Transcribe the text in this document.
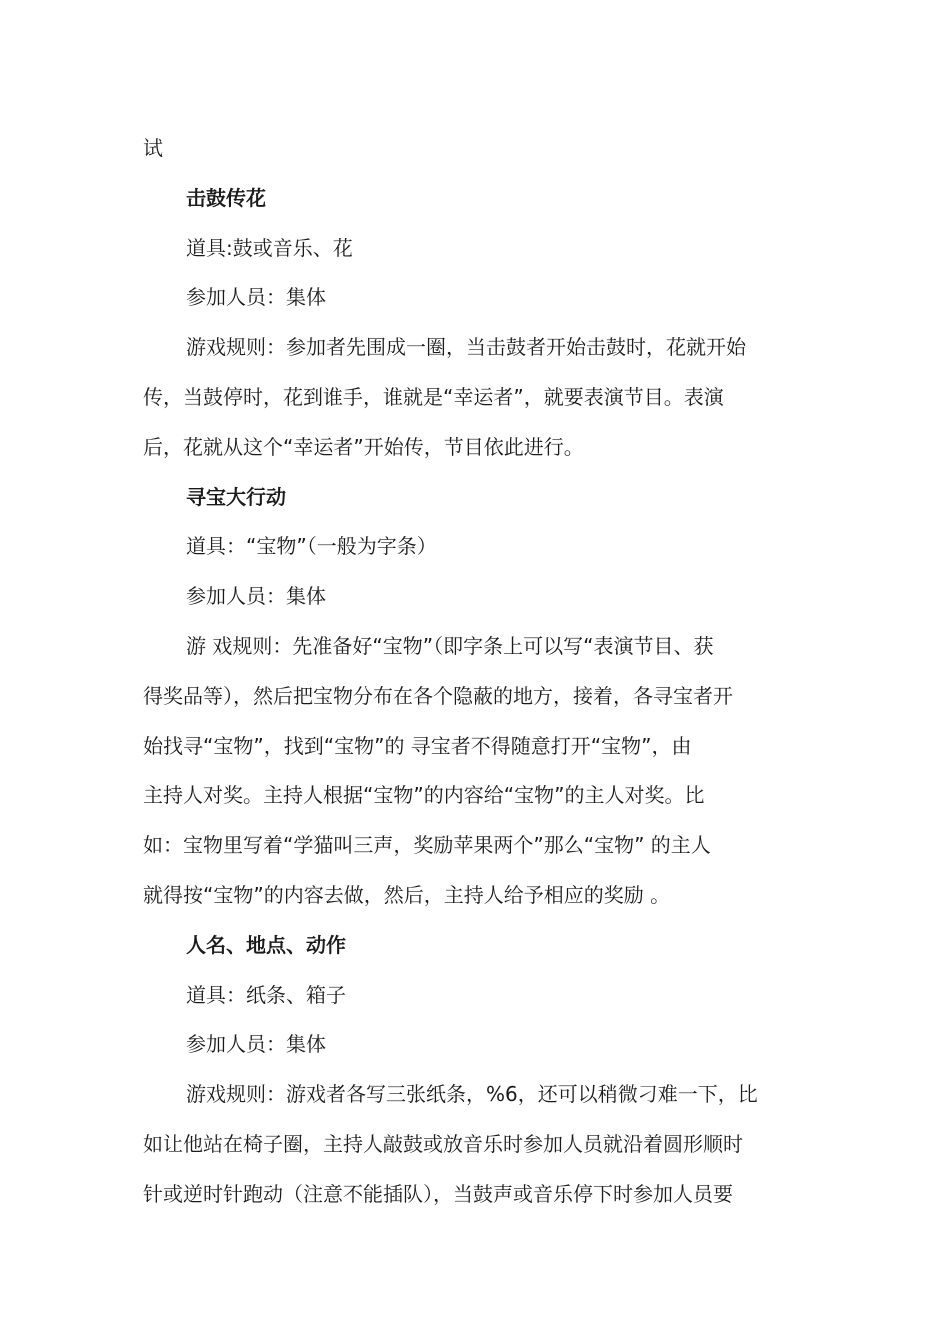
试
击鼓传花
道具:鼓或音乐、花
参加人员：集体
游戏规则：参加者先围成一圈，当击鼓者开始击鼓时，花就开始
传，当鼓停时，花到谁手，谁就是“幸运者”，就要表演节目。表演
后，花就从这个“幸运者”开始传，节目依此进行。
寻宝大行动
道具：“宝物”（一般为字条）
参加人员：集体
游 戏规则：先准备好“宝物”（即字条上可以写“表演节目、获
得奖品等），然后把宝物分布在各个隐蔽的地方，接着，各寻宝者开
始找寻“宝物”，找到“宝物”的 寻宝者不得随意打开“宝物”，由
主持人对奖。主持人根据“宝物”的内容给“宝物”的主人对奖。比
如：宝物里写着“学猫叫三声，奖励苹果两个”那么“宝物” 的主人
就得按“宝物”的内容去做，然后，主持人给予相应的奖励 。
人名、地点、动作
道具：纸条、箱子
参加人员：集体
游戏规则：游戏者各写三张纸条，%6，还可以稍微刁难一下，比
如让他站在椅子圈，主持人敲鼓或放音乐时参加人员就沿着圆形顺时
针或逆时针跑动（注意不能插队），当鼓声或音乐停下时参加人员要
